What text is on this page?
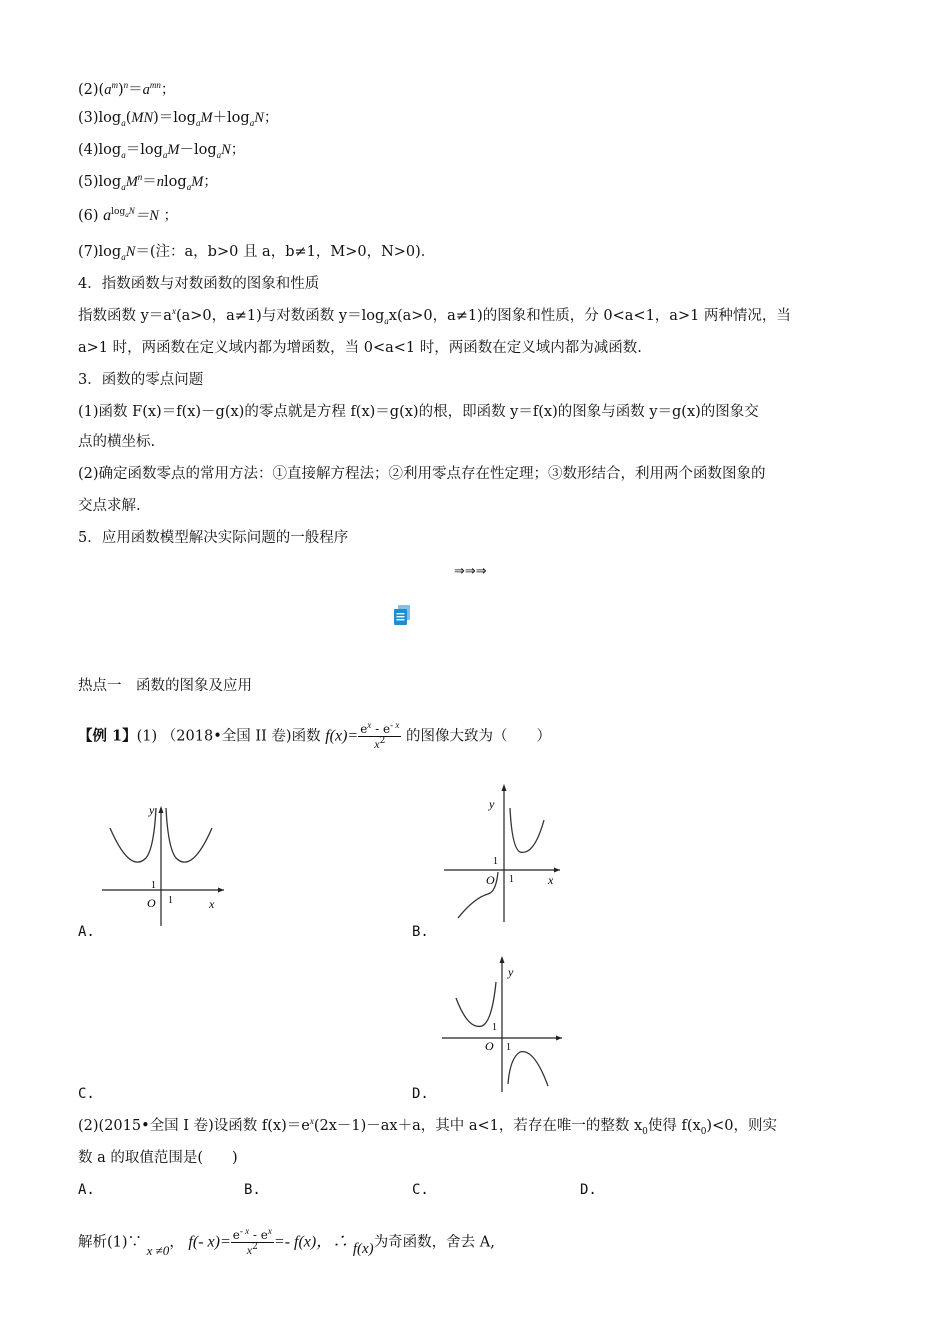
$(2)(a^m)^n=a^{mn}$；
$(3)\log_a(MN)=\log_aM+\log_aN$；
$(4)\log_a=\log_aM-\log_aN$；
$(5)\log_aM^n=nlog_aM$；
(6) $a^{log_aN}=N$ ；
$(7)\log_aN=$(注：a，b>0 且 a，b≠1，M>0，N>0)．
4．指数函数与对数函数的图象和性质
指数函数 $y=a^x(a>0$，a≠1)与对数函数 $y=\log_ax(a>0$，a≠1)的图象和性质，分 0<a<1，a>1 两种情况，当
a>1 时，两函数在定义域内都为增函数，当 0<a<1 时，两函数在定义域内都为减函数.
3．函数的零点问题
(1)函数 F(x)＝f(x)－g(x)的零点就是方程 f(x)＝g(x)的根，即函数 y＝f(x)的图象与函数 y＝g(x)的图象交
点的横坐标.
(2)确定函数零点的常用方法：①直接解方程法；②利用零点存在性定理；③数形结合，利用两个函数图象的
交点求解.
5．应用函数模型解决实际问题的一般程序
⇒⇒⇒
热点一　函数的图象及应用
【例 1】(1) （2018•全国 II 卷)函数 $f(x)= \frac{e^x - e^{- x}}{x^2}$ 的图像大致为（　　）
y
x
O
1
1
A.
y
x
O
1
1
B.
y
O
1
1
C.	D.
(2)(2015•全国 I 卷)设函数 $f(x)=e^x(2x-1)-ax+a$，其中 a<1，若存在唯一的整数 $x_0$使得 $f(x_0)<0$，则实
数 a 的取值范围是(　　)
A.	B.	C.	D.
解析(1)∵ x ≠0， f(- $x)= \frac{e^{- x} - e^x}{x^2} =- f(x)$，∴ f(x)为奇函数，舍去 A,
